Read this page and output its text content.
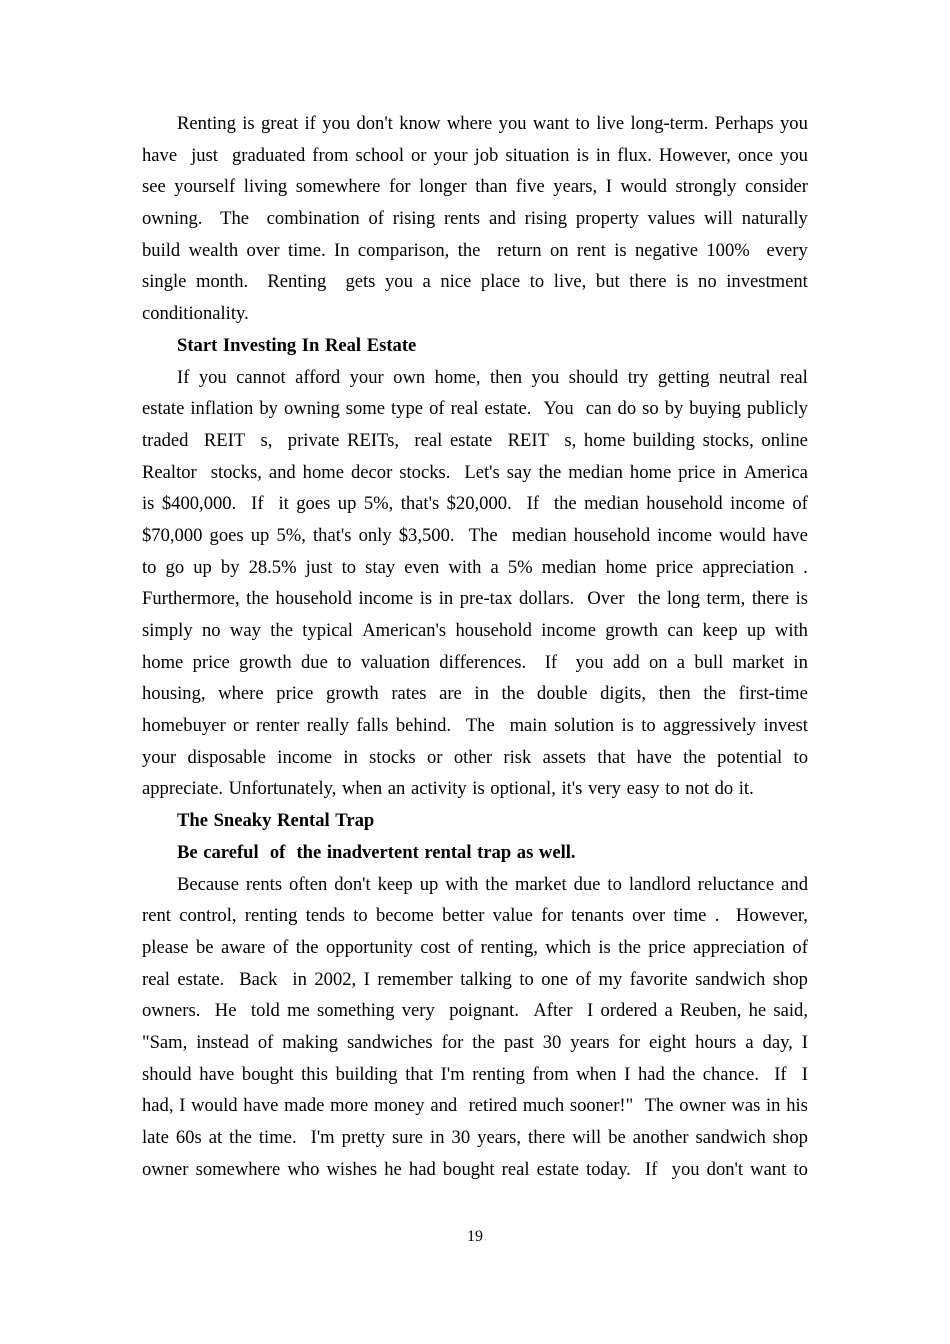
Renting is great if you don't know where you want to live long-term. Perhaps you
have just graduated from school or your job situation is in flux. However, once you
see yourself living somewhere for longer than five years, I would strongly consider
owning. The combination of rising rents and rising property values will naturally
build wealth over time. In comparison, the return on rent is negative 100% every
single month. Renting gets you a nice place to live, but there is no investment
conditionality.
Start Investing In Real Estate
If you cannot afford your own home, then you should try getting neutral real
estate inflation by owning some type of real estate. You can do so by buying publicly
traded REIT s, private REITs, real estate REIT s, home building stocks, online
Realtor stocks, and home decor stocks. Let's say the median home price in America
is $400,000. If it goes up 5%, that's $20,000. If the median household income of
$70,000 goes up 5%, that's only $3,500. The median household income would have
to go up by 28.5% just to stay even with a 5% median home price appreciation .
Furthermore, the household income is in pre-tax dollars. Over the long term, there is
simply no way the typical American's household income growth can keep up with
home price growth due to valuation differences. If you add on a bull market in
housing, where price growth rates are in the double digits, then the first-time
homebuyer or renter really falls behind. The main solution is to aggressively invest
your disposable income in stocks or other risk assets that have the potential to
appreciate. Unfortunately, when an activity is optional, it's very easy to not do it.
The Sneaky Rental Trap
Be careful of the inadvertent rental trap as well.
Because rents often don't keep up with the market due to landlord reluctance and
rent control, renting tends to become better value for tenants over time . However,
please be aware of the opportunity cost of renting, which is the price appreciation of
real estate. Back in 2002, I remember talking to one of my favorite sandwich shop
owners. He told me something very poignant. After I ordered a Reuben, he said,
"Sam, instead of making sandwiches for the past 30 years for eight hours a day, I
should have bought this building that I'm renting from when I had the chance. If I
had, I would have made more money and retired much sooner!" The owner was in his
late 60s at the time. I'm pretty sure in 30 years, there will be another sandwich shop
owner somewhere who wishes he had bought real estate today. If you don't want to
19
